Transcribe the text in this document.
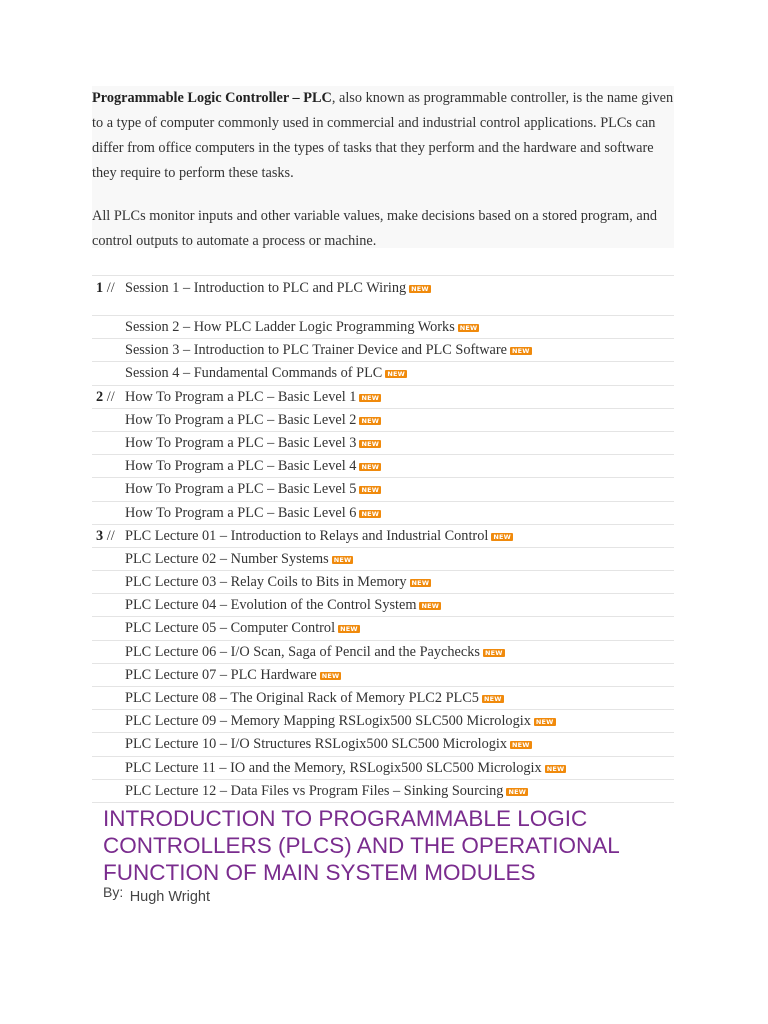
Programmable Logic Controller – PLC, also known as programmable controller, is the name given to a type of computer commonly used in commercial and industrial control applications. PLCs can differ from office computers in the types of tasks that they perform and the hardware and software they require to perform these tasks.

All PLCs monitor inputs and other variable values, make decisions based on a stored program, and control outputs to automate a process or machine.

1 // Session 1 – Introduction to PLC and PLC Wiring NEW
Session 2 – How PLC Ladder Logic Programming Works NEW
Session 3 – Introduction to PLC Trainer Device and PLC Software NEW
Session 4 – Fundamental Commands of PLC NEW
2 // How To Program a PLC – Basic Level 1 NEW
How To Program a PLC – Basic Level 2 NEW
How To Program a PLC – Basic Level 3 NEW
How To Program a PLC – Basic Level 4 NEW
How To Program a PLC – Basic Level 5 NEW
How To Program a PLC – Basic Level 6 NEW
3 // PLC Lecture 01 – Introduction to Relays and Industrial Control NEW
PLC Lecture 02 – Number Systems NEW
PLC Lecture 03 – Relay Coils to Bits in Memory NEW
PLC Lecture 04 – Evolution of the Control System NEW
PLC Lecture 05 – Computer Control NEW
PLC Lecture 06 – I/O Scan, Saga of Pencil and the Paychecks NEW
PLC Lecture 07 – PLC Hardware NEW
PLC Lecture 08 – The Original Rack of Memory PLC2 PLC5 NEW
PLC Lecture 09 – Memory Mapping RSLogix500 SLC500 Micrologix NEW
PLC Lecture 10 – I/O Structures RSLogix500 SLC500 Micrologix NEW
PLC Lecture 11 – IO and the Memory, RSLogix500 SLC500 Micrologix NEW
PLC Lecture 12 – Data Files vs Program Files – Sinking Sourcing NEW
INTRODUCTION TO PROGRAMMABLE LOGIC CONTROLLERS (PLCS) AND THE OPERATIONAL FUNCTION OF MAIN SYSTEM MODULES
By: Hugh Wright
